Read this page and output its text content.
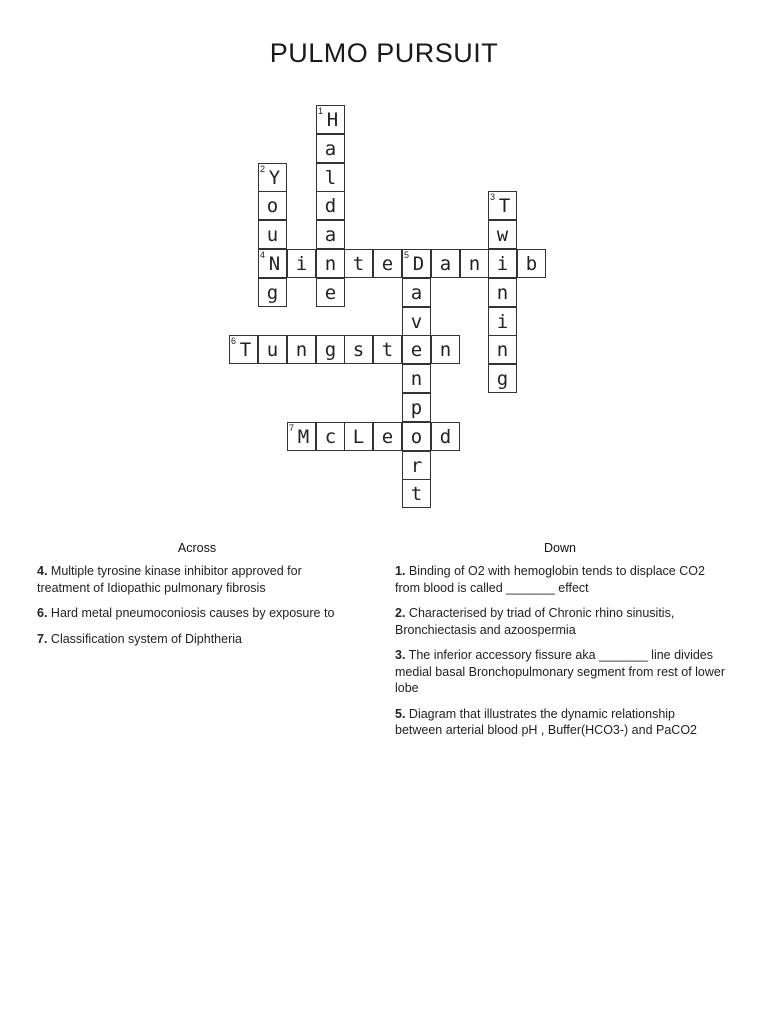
PULMO PURSUIT
1 H
a
l
d
a
n
e
2 Y
o
u
4 N
g
i	t e	5 D a n i b
3 T
w
n
i
n
g
a
v
e
n
p
o
r
t
6 T u n g s t	n
7 M c L e	d
Across
4. Multiple tyrosine kinase inhibitor approved for treatment of Idiopathic pulmonary fibrosis
6. Hard metal pneumoconiosis causes by exposure to
7. Classification system of Diphtheria
Down
1. Binding of O2 with hemoglobin tends to displace CO2 from blood is called _______ effect
2. Characterised by triad of Chronic rhino sinusitis, Bronchiectasis and azoospermia
3. The inferior accessory fissure aka _______ line divides medial basal Bronchopulmonary segment from rest of lower lobe
5. Diagram that illustrates the dynamic relationship between arterial blood pH , Buffer(HCO3-) and PaCO2
